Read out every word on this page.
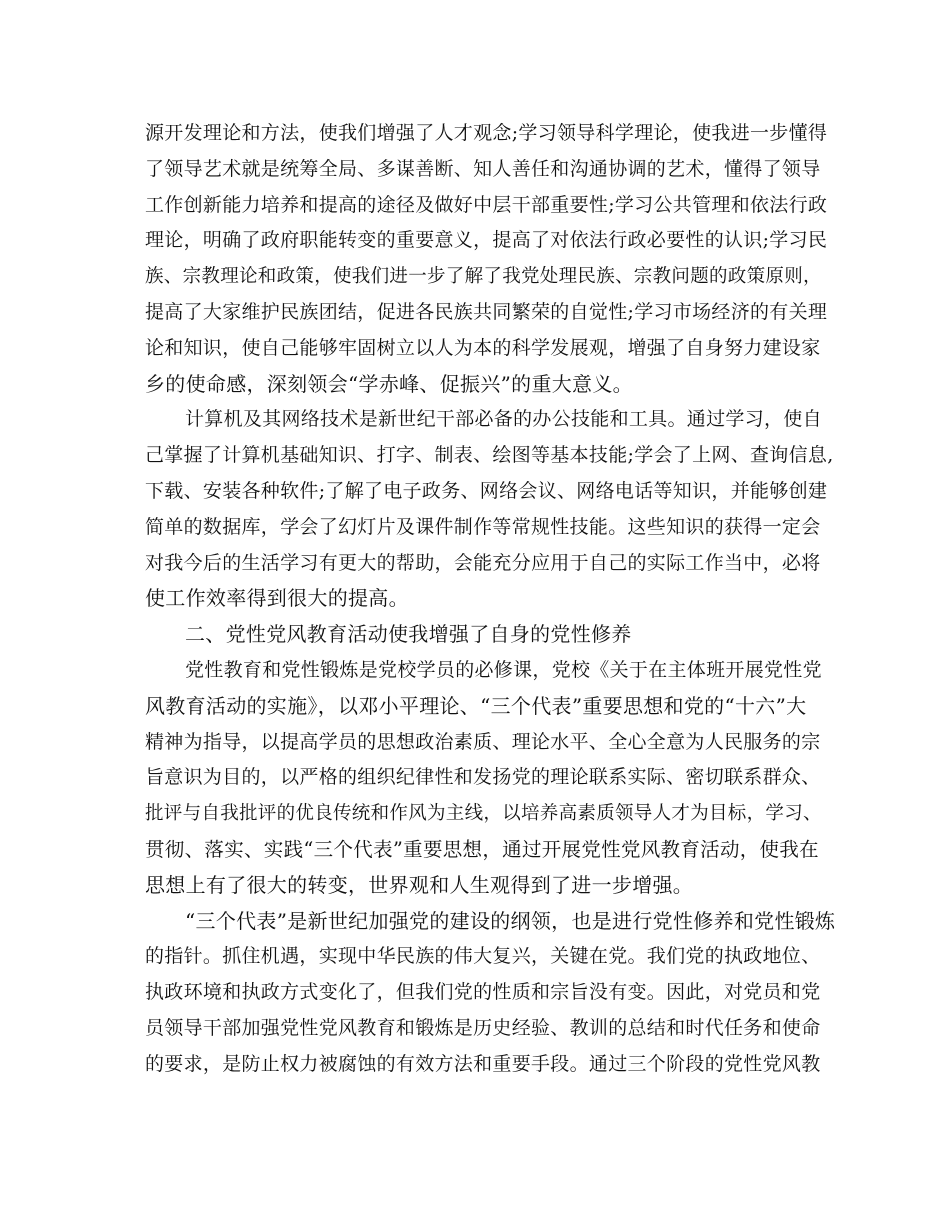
源开发理论和方法，使我们增强了人才观念;学习领导科学理论，使我进一步懂得
了领导艺术就是统筹全局、多谋善断、知人善任和沟通协调的艺术，懂得了领导
工作创新能力培养和提高的途径及做好中层干部重要性;学习公共管理和依法行政
理论，明确了政府职能转变的重要意义，提高了对依法行政必要性的认识;学习民
族、宗教理论和政策，使我们进一步了解了我党处理民族、宗教问题的政策原则，
提高了大家维护民族团结，促进各民族共同繁荣的自觉性;学习市场经济的有关理
论和知识，使自己能够牢固树立以人为本的科学发展观，增强了自身努力建设家
乡的使命感，深刻领会“学赤峰、促振兴”的重大意义。
计算机及其网络技术是新世纪干部必备的办公技能和工具。通过学习，使自
己掌握了计算机基础知识、打字、制表、绘图等基本技能;学会了上网、查询信息,
下载、安装各种软件;了解了电子政务、网络会议、网络电话等知识，并能够创建
简单的数据库，学会了幻灯片及课件制作等常规性技能。这些知识的获得一定会
对我今后的生活学习有更大的帮助，会能充分应用于自己的实际工作当中，必将
使工作效率得到很大的提高。
二、党性党风教育活动使我增强了自身的党性修养
党性教育和党性锻炼是党校学员的必修课，党校《关于在主体班开展党性党
风教育活动的实施》，以邓小平理论、“三个代表”重要思想和党的“十六”大
精神为指导，以提高学员的思想政治素质、理论水平、全心全意为人民服务的宗
旨意识为目的，以严格的组织纪律性和发扬党的理论联系实际、密切联系群众、
批评与自我批评的优良传统和作风为主线，以培养高素质领导人才为目标，学习、
贯彻、落实、实践“三个代表”重要思想，通过开展党性党风教育活动，使我在
思想上有了很大的转变，世界观和人生观得到了进一步增强。
“三个代表”是新世纪加强党的建设的纲领，也是进行党性修养和党性锻炼
的指针。抓住机遇，实现中华民族的伟大复兴，关键在党。我们党的执政地位、
执政环境和执政方式变化了，但我们党的性质和宗旨没有变。因此，对党员和党
员领导干部加强党性党风教育和锻炼是历史经验、教训的总结和时代任务和使命
的要求，是防止权力被腐蚀的有效方法和重要手段。通过三个阶段的党性党风教
